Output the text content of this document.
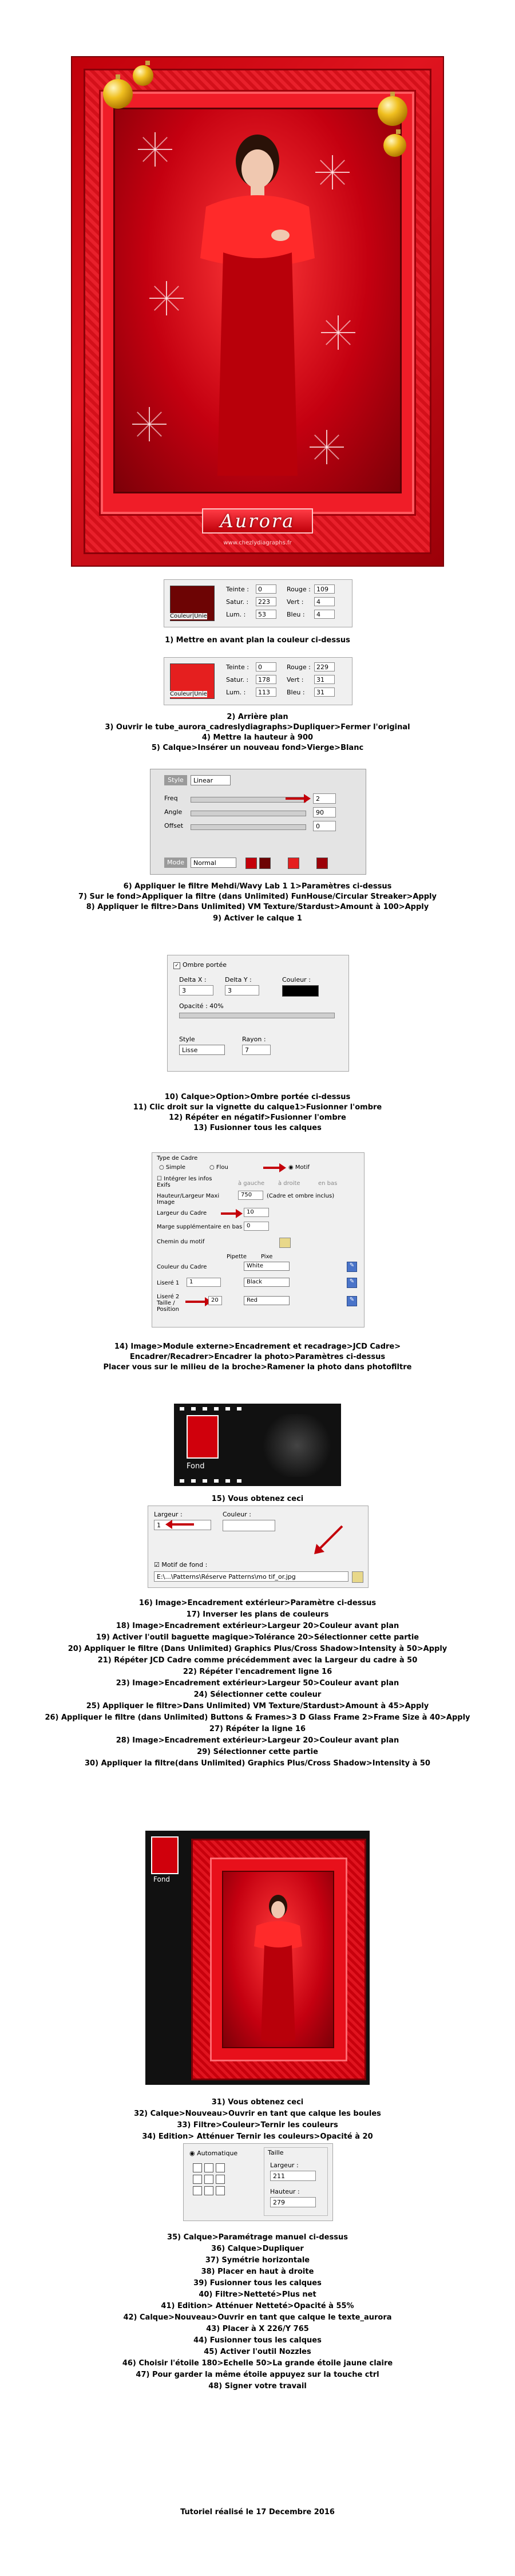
Aurora
www.chezlydiagraphs.fr
Couleur|Unie
Teinte :	0	Rouge : 109
Satur. :	223	Vert :	4
Lum. :	53	Bleu :	4
1) Mettre en avant plan la couleur ci-dessus
Couleur|Unie
Teinte :	0	Rouge : 229
Satur. :	178	Vert :	31
Lum. :	113	Bleu :	31
2) Arrière plan
3) Ouvrir le tube_aurora_cadreslydiagraphs>Dupliquer>Fermer l'original
4) Mettre la hauteur à 900
5) Calque>Insérer un nouveau fond>Vierge>Blanc
Style	Linear
Freq	2
Angle	90
Offset	0
Mode	Normal
6) Appliquer le filtre Mehdi/Wavy Lab 1 1>Paramètres ci-dessus
7) Sur le fond>Appliquer la filtre (dans Unlimited) FunHouse/Circular Streaker>Apply
8) Appliquer le filtre>Dans Unlimited) VM Texture/Stardust>Amount à 100>Apply
9) Activer le calque 1
✓ Ombre portée
Delta X :
3
Delta Y :
3
Couleur :
Opacité : 40%
Style
Lisse
Rayon :
7
10) Calque>Option>Ombre portée ci-dessus
11) Clic droit sur la vignette du calque1>Fusionner l'ombre
12) Répéter en négatif>Fusionner l'ombre
13) Fusionner tous les calques
Type de Cadre
○ Simple	○ Flou	◉ Motif
☐ Intégrer les infos Exifs	à gauche à droite	en bas
Hauteur/Largeur Maxi Image
750	(Cadre et ombre inclus)
Largeur du Cadre	10
Marge supplémentaire en bas 0
Chemin du motif
Pipette Pixe
Couleur du Cadre	White	✎
Liseré 1	1	Black	✎
Liseré 2 Taille / Position
20	Red	✎
14) Image>Module externe>Encadrement et recadrage>JCD Cadre>
Encadrer/Recadrer>Encadrer la photo>Paramètres ci-dessus
Placer vous sur le milieu de la broche>Ramener la photo dans photofiltre
Fond
15) Vous obtenez ceci
Largeur :
1
Couleur :
☑ Motif de fond :
E:\...\Patterns\Réserve Patterns\mo tif_or.jpg
16) Image>Encadrement extérieur>Paramètre ci-dessus
17) Inverser les plans de couleurs
18) Image>Encadrement extérieur>Largeur 20>Couleur avant plan
19) Activer l'outil baguette magique>Tolérance 20>Sélectionner cette partie
20) Appliquer le filtre (Dans Unlimited) Graphics Plus/Cross Shadow>Intensity à 50>Apply
21) Répéter JCD Cadre comme précédemment avec la Largeur du cadre à 50
22) Répéter l'encadrement ligne 16
23) Image>Encadrement extérieur>Largeur 50>Couleur avant plan
24) Sélectionner cette couleur
25) Appliquer le filtre>Dans Unlimited) VM Texture/Stardust>Amount à 45>Apply
26) Appliquer le filtre (dans Unlimited) Buttons & Frames>3 D Glass Frame 2>Frame Size à 40>Apply
27) Répéter la ligne 16
28) Image>Encadrement extérieur>Largeur 20>Couleur avant plan
29) Sélectionner cette partie
30) Appliquer la filtre(dans Unlimited) Graphics Plus/Cross Shadow>Intensity à 50
Fond
31) Vous obtenez ceci
32) Calque>Nouveau>Ouvrir en tant que calque les boules
33) Filtre>Couleur>Ternir les couleurs
34) Edition> Atténuer Ternir les couleurs>Opacité à 20
◉ Automatique	Taille
Largeur :
211
Hauteur :
279
35) Calque>Paramétrage manuel ci-dessus
36) Calque>Dupliquer
37) Symétrie horizontale
38) Placer en haut à droite
39) Fusionner tous les calques
40) Filtre>Netteté>Plus net
41) Edition> Atténuer Netteté>Opacité à 55%
42) Calque>Nouveau>Ouvrir en tant que calque le texte_aurora
43) Placer à X 226/Y 765
44) Fusionner tous les calques
45) Activer l'outil Nozzles
46) Choisir l'étoile 180>Echelle 50>La grande étoile jaune claire
47) Pour garder la même étoile appuyez sur la touche ctrl
48) Signer votre travail
Tutoriel réalisé le 17 Decembre 2016
